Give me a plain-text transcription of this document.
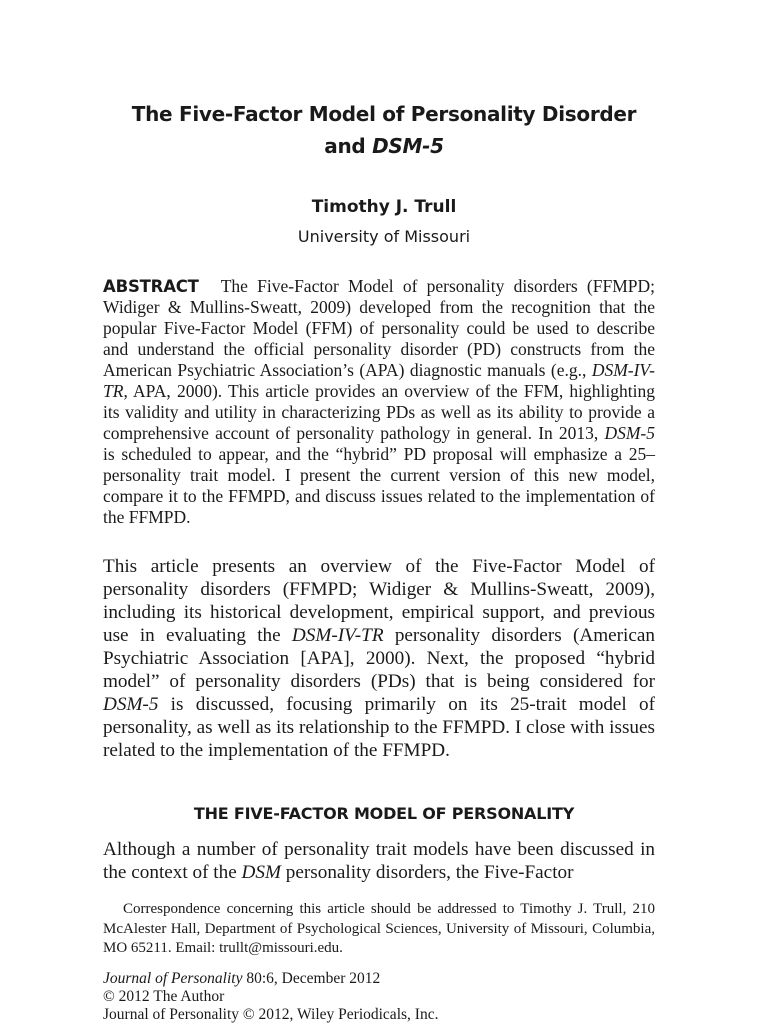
The Five-Factor Model of Personality Disorder
and DSM-5
Timothy J. Trull
University of Missouri

ABSTRACT The Five-Factor Model of personality disorders (FFMPD; Widiger & Mullins-Sweatt, 2009) developed from the recognition that the popular Five-Factor Model (FFM) of personality could be used to describe and understand the official personality disorder (PD) constructs from the American Psychiatric Association’s (APA) diagnostic manuals (e.g., DSM-IV-TR, APA, 2000). This article provides an overview of the FFM, highlighting its validity and utility in characterizing PDs as well as its ability to provide a comprehensive account of personality pathology in general. In 2013, DSM-5 is scheduled to appear, and the “hybrid” PD proposal will emphasize a 25–personality trait model. I present the current version of this new model, compare it to the FFMPD, and discuss issues related to the implementation of the FFMPD.

This article presents an overview of the Five-Factor Model of personality disorders (FFMPD; Widiger & Mullins-Sweatt, 2009), including its historical development, empirical support, and previous use in evaluating the DSM-IV-TR personality disorders (American Psychiatric Association [APA], 2000). Next, the proposed “hybrid model” of personality disorders (PDs) that is being considered for DSM-5 is discussed, focusing primarily on its 25-trait model of personality, as well as its relationship to the FFMPD. I close with issues related to the implementation of the FFMPD.

THE FIVE-FACTOR MODEL OF PERSONALITY

Although a number of personality trait models have been discussed in the context of the DSM personality disorders, the Five-Factor

Correspondence concerning this article should be addressed to Timothy J. Trull, 210 McAlester Hall, Department of Psychological Sciences, University of Missouri, Columbia, MO 65211. Email: trullt@missouri.edu.

Journal of Personality 80:6, December 2012
© 2012 The Author
Journal of Personality © 2012, Wiley Periodicals, Inc.
